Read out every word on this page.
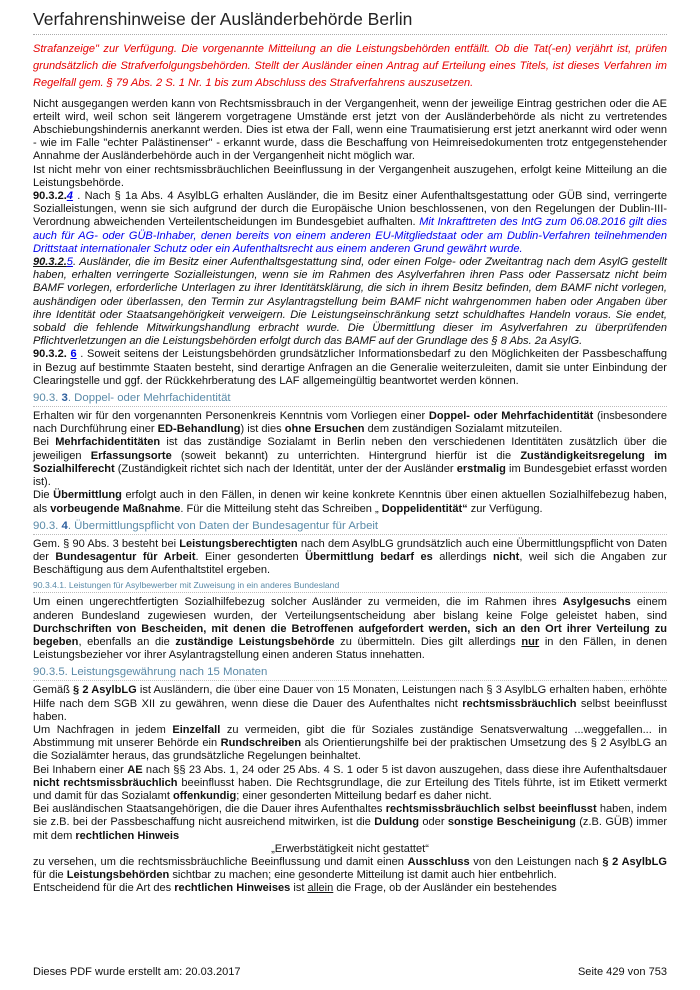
Verfahrenshinweise der Ausländerbehörde Berlin

Strafanzeige" zur Verfügung. Die vorgenannte Mitteilung an die Leistungsbehörden entfällt. Ob die Tat(-en) verjährt ist, prüfen grundsätzlich die Strafverfolgungsbehörden. Stellt der Ausländer einen Antrag auf Erteilung eines Titels, ist dieses Verfahren im Regelfall gem. § 79 Abs. 2 S. 1 Nr. 1 bis zum Abschluss des Strafverfahrens auszusetzen.

Nicht ausgegangen werden kann von Rechtsmissbrauch in der Vergangenheit, wenn der jeweilige Eintrag gestrichen oder die AE erteilt wird, weil schon seit längerem vorgetragene Umstände erst jetzt von der Ausländerbehörde als nicht zu vertretendes Abschiebungshindernis anerkannt werden. Dies ist etwa der Fall, wenn eine Traumatisierung erst jetzt anerkannt wird oder wenn - wie im Falle "echter Palästinenser" - erkannt wurde, dass die Beschaffung von Heimreisedokumenten trotz entgegenstehender Annahme der Ausländerbehörde auch in der Vergangenheit nicht möglich war.

Ist nicht mehr von einer rechtsmissbräuchlichen Beeinflussung in der Vergangenheit auszugehen, erfolgt keine Mitteilung an die Leistungsbehörde.

90.3.2.4 . Nach § 1a Abs. 4 AsylbLG erhalten Ausländer, die im Besitz einer Aufenthaltsgestattung oder GÜB sind, verringerte Sozialleistungen, wenn sie sich aufgrund der durch die Europäische Union beschlossenen, von den Regelungen der Dublin-III-Verordnung abweichenden Verteilentscheidungen im Bundesgebiet aufhalten. Mit Inkrafttreten des IntG zum 06.08.2016 gilt dies auch für AG- oder GÜB-Inhaber, denen bereits von einem anderen EU-Mitgliedstaat oder am Dublin-Verfahren teilnehmenden Drittstaat internationaler Schutz oder ein Aufenthaltsrecht aus einem anderen Grund gewährt wurde.

90.3.2.5. Ausländer, die im Besitz einer Aufenthaltsgestattung sind, oder einen Folge- oder Zweitantrag nach dem AsylG gestellt haben, erhalten verringerte Sozialleistungen, wenn sie im Rahmen des Asylverfahren ihren Pass oder Passersatz nicht beim BAMF vorlegen, erforderliche Unterlagen zu ihrer Identitätsklärung, die sich in ihrem Besitz befinden, dem BAMF nicht vorlegen, aushändigen oder überlassen, den Termin zur Asylantragstellung beim BAMF nicht wahrgenommen haben oder Angaben über ihre Identität oder Staatsangehörigkeit verweigern. Die Leistungseinschränkung setzt schuldhaftes Handeln voraus. Sie endet, sobald die fehlende Mitwirkungshandlung erbracht wurde. Die Übermittlung dieser im Asylverfahren zu überprüfenden Pflichtverletzungen an die Leistungsbehörden erfolgt durch das BAMF auf der Grundlage des § 8 Abs. 2a AsylG.

90.3.2. 6 . Soweit seitens der Leistungsbehörden grundsätzlicher Informationsbedarf zu den Möglichkeiten der Passbeschaffung in Bezug auf bestimmte Staaten besteht, sind derartige Anfragen an die Generalie weiterzuleiten, damit sie unter Einbindung der Clearingstelle und ggf. der Rückkehrberatung des LAF allgemeingültig beantwortet werden können.

90.3. 3. Doppel- oder Mehrfachidentität

Erhalten wir für den vorgenannten Personenkreis Kenntnis vom Vorliegen einer Doppel- oder Mehrfachidentität (insbesondere nach Durchführung einer ED-Behandlung) ist dies ohne Ersuchen dem zuständigen Sozialamt mitzuteilen.

Bei Mehrfachidentitäten ist das zuständige Sozialamt in Berlin neben den verschiedenen Identitäten zusätzlich über die jeweiligen Erfassungsorte (soweit bekannt) zu unterrichten. Hintergrund hierfür ist die Zuständigkeitsregelung im Sozialhilferecht (Zuständigkeit richtet sich nach der Identität, unter der der Ausländer erstmalig im Bundesgebiet erfasst worden ist).

Die Übermittlung erfolgt auch in den Fällen, in denen wir keine konkrete Kenntnis über einen aktuellen Sozialhilfebezug haben, als vorbeugende Maßnahme. Für die Mitteilung steht das Schreiben „ Doppelidentität“ zur Verfügung.

90.3. 4. Übermittlungspflicht von Daten der Bundesagentur für Arbeit

Gem. § 90 Abs. 3 besteht bei Leistungsberechtigten nach dem AsylbLG grundsätzlich auch eine Übermittlungspflicht von Daten der Bundesagentur für Arbeit. Einer gesonderten Übermittlung bedarf es allerdings nicht, weil sich die Angaben zur Beschäftigung aus dem Aufenthaltstitel ergeben.

90.3.4.1. Leistungen für Asylbewerber mit Zuweisung in ein anderes Bundesland

Um einen ungerechtfertigten Sozialhilfebezug solcher Ausländer zu vermeiden, die im Rahmen ihres Asylgesuchs einem anderen Bundesland zugewiesen wurden, der Verteilungsentscheidung aber bislang keine Folge geleistet haben, sind Durchschriften von Bescheiden, mit denen die Betroffenen aufgefordert werden, sich an den Ort ihrer Verteilung zu begeben, ebenfalls an die zuständige Leistungsbehörde zu übermitteln. Dies gilt allerdings nur in den Fällen, in denen Leistungsbezieher vor ihrer Asylantragstellung einen anderen Status innehatten.

90.3.5. Leistungsgewährung nach 15 Monaten

Gemäß § 2 AsylbLG ist Ausländern, die über eine Dauer von 15 Monaten, Leistungen nach § 3 AsylbLG erhalten haben, erhöhte Hilfe nach dem SGB XII zu gewähren, wenn diese die Dauer des Aufenthaltes nicht rechtsmissbräuchlich selbst beeinflusst haben.

Um Nachfragen in jedem Einzelfall zu vermeiden, gibt die für Soziales zuständige Senatsverwaltung ...weggefallen... in Abstimmung mit unserer Behörde ein Rundschreiben als Orientierungshilfe bei der praktischen Umsetzung des § 2 AsylbLG an die Sozialämter heraus, das grundsätzliche Regelungen beinhaltet.

Bei Inhabern einer AE nach §§ 23 Abs. 1, 24 oder 25 Abs. 4 S. 1 oder 5 ist davon auszugehen, dass diese ihre Aufenthaltsdauer nicht rechtsmissbräuchlich beeinflusst haben. Die Rechtsgrundlage, die zur Erteilung des Titels führte, ist im Etikett vermerkt und damit für das Sozialamt offenkundig; einer gesonderten Mitteilung bedarf es daher nicht.

Bei ausländischen Staatsangehörigen, die die Dauer ihres Aufenthaltes rechtsmissbräuchlich selbst beeinflusst haben, indem sie z.B. bei der Passbeschaffung nicht ausreichend mitwirken, ist die Duldung oder sonstige Bescheinigung (z.B. GÜB) immer mit dem rechtlichen Hinweis

„Erwerbstätigkeit nicht gestattet“

zu versehen, um die rechtsmissbräuchliche Beeinflussung und damit einen Ausschluss von den Leistungen nach § 2 AsylbLG für die Leistungsbehörden sichtbar zu machen; eine gesonderte Mitteilung ist damit auch hier entbehrlich.

Entscheidend für die Art des rechtlichen Hinweises ist allein die Frage, ob der Ausländer ein bestehendes

Dieses PDF wurde erstellt am: 20.03.2017	Seite 429 von 753
